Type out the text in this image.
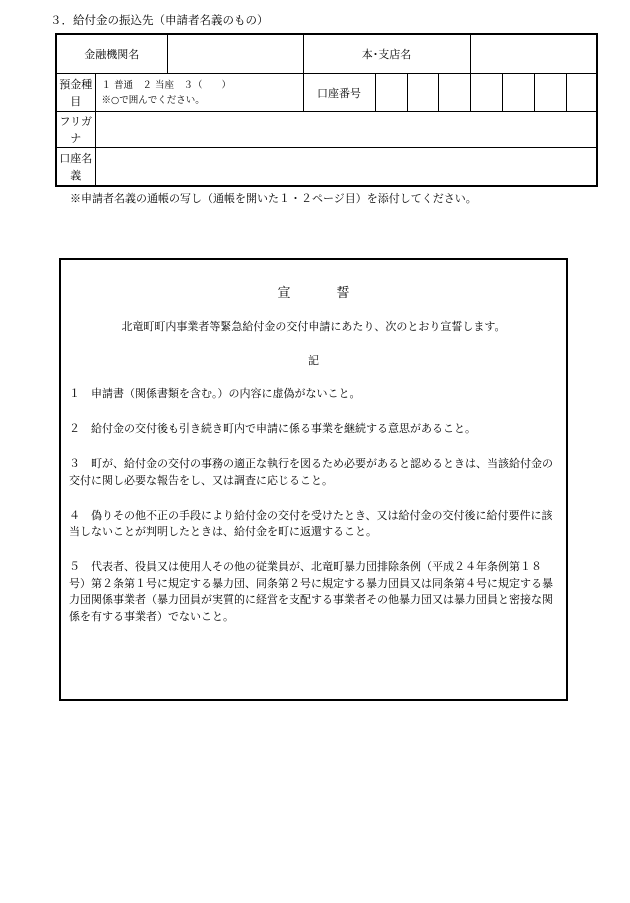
３．給付金の振込先（申請者名義のもの）
金融機関名			本･支店名							
預金種目	１ 普通　２ 当座　３（　　）
※○で囲んでください。		口座番号							
フリガナ										
口座名義										
※申請者名義の通帳の写し（通帳を開いた１・２ページ目）を添付してください。
宣誓
北竜町町内事業者等緊急給付金の交付申請にあたり、次のとおり宣誓します。
記
１	申請書（関係書類を含む。）の内容に虚偽がないこと。
２	給付金の交付後も引き続き町内で申請に係る事業を継続する意思があること。
３　 町が、給付金の交付の事務の適正な執行を図るため必要があると認めるときは、当該給付金の交付に関し必要な報告をし、又は調査に応じること。
４　 偽りその他不正の手段により給付金の交付を受けたとき、又は給付金の交付後に給付要件に該当しないことが判明したときは、給付金を町に返還すること。
５　 代表者、役員又は使用人その他の従業員が、北竜町暴力団排除条例（平成２４年条例第１８号）第２条第１号に規定する暴力団、同条第２号に規定する暴力団員又は同条第４号に規定する暴力団関係事業者（暴力団員が実質的に経営を支配する事業者その他暴力団又は暴力団員と密接な関係を有する事業者）でないこと。
